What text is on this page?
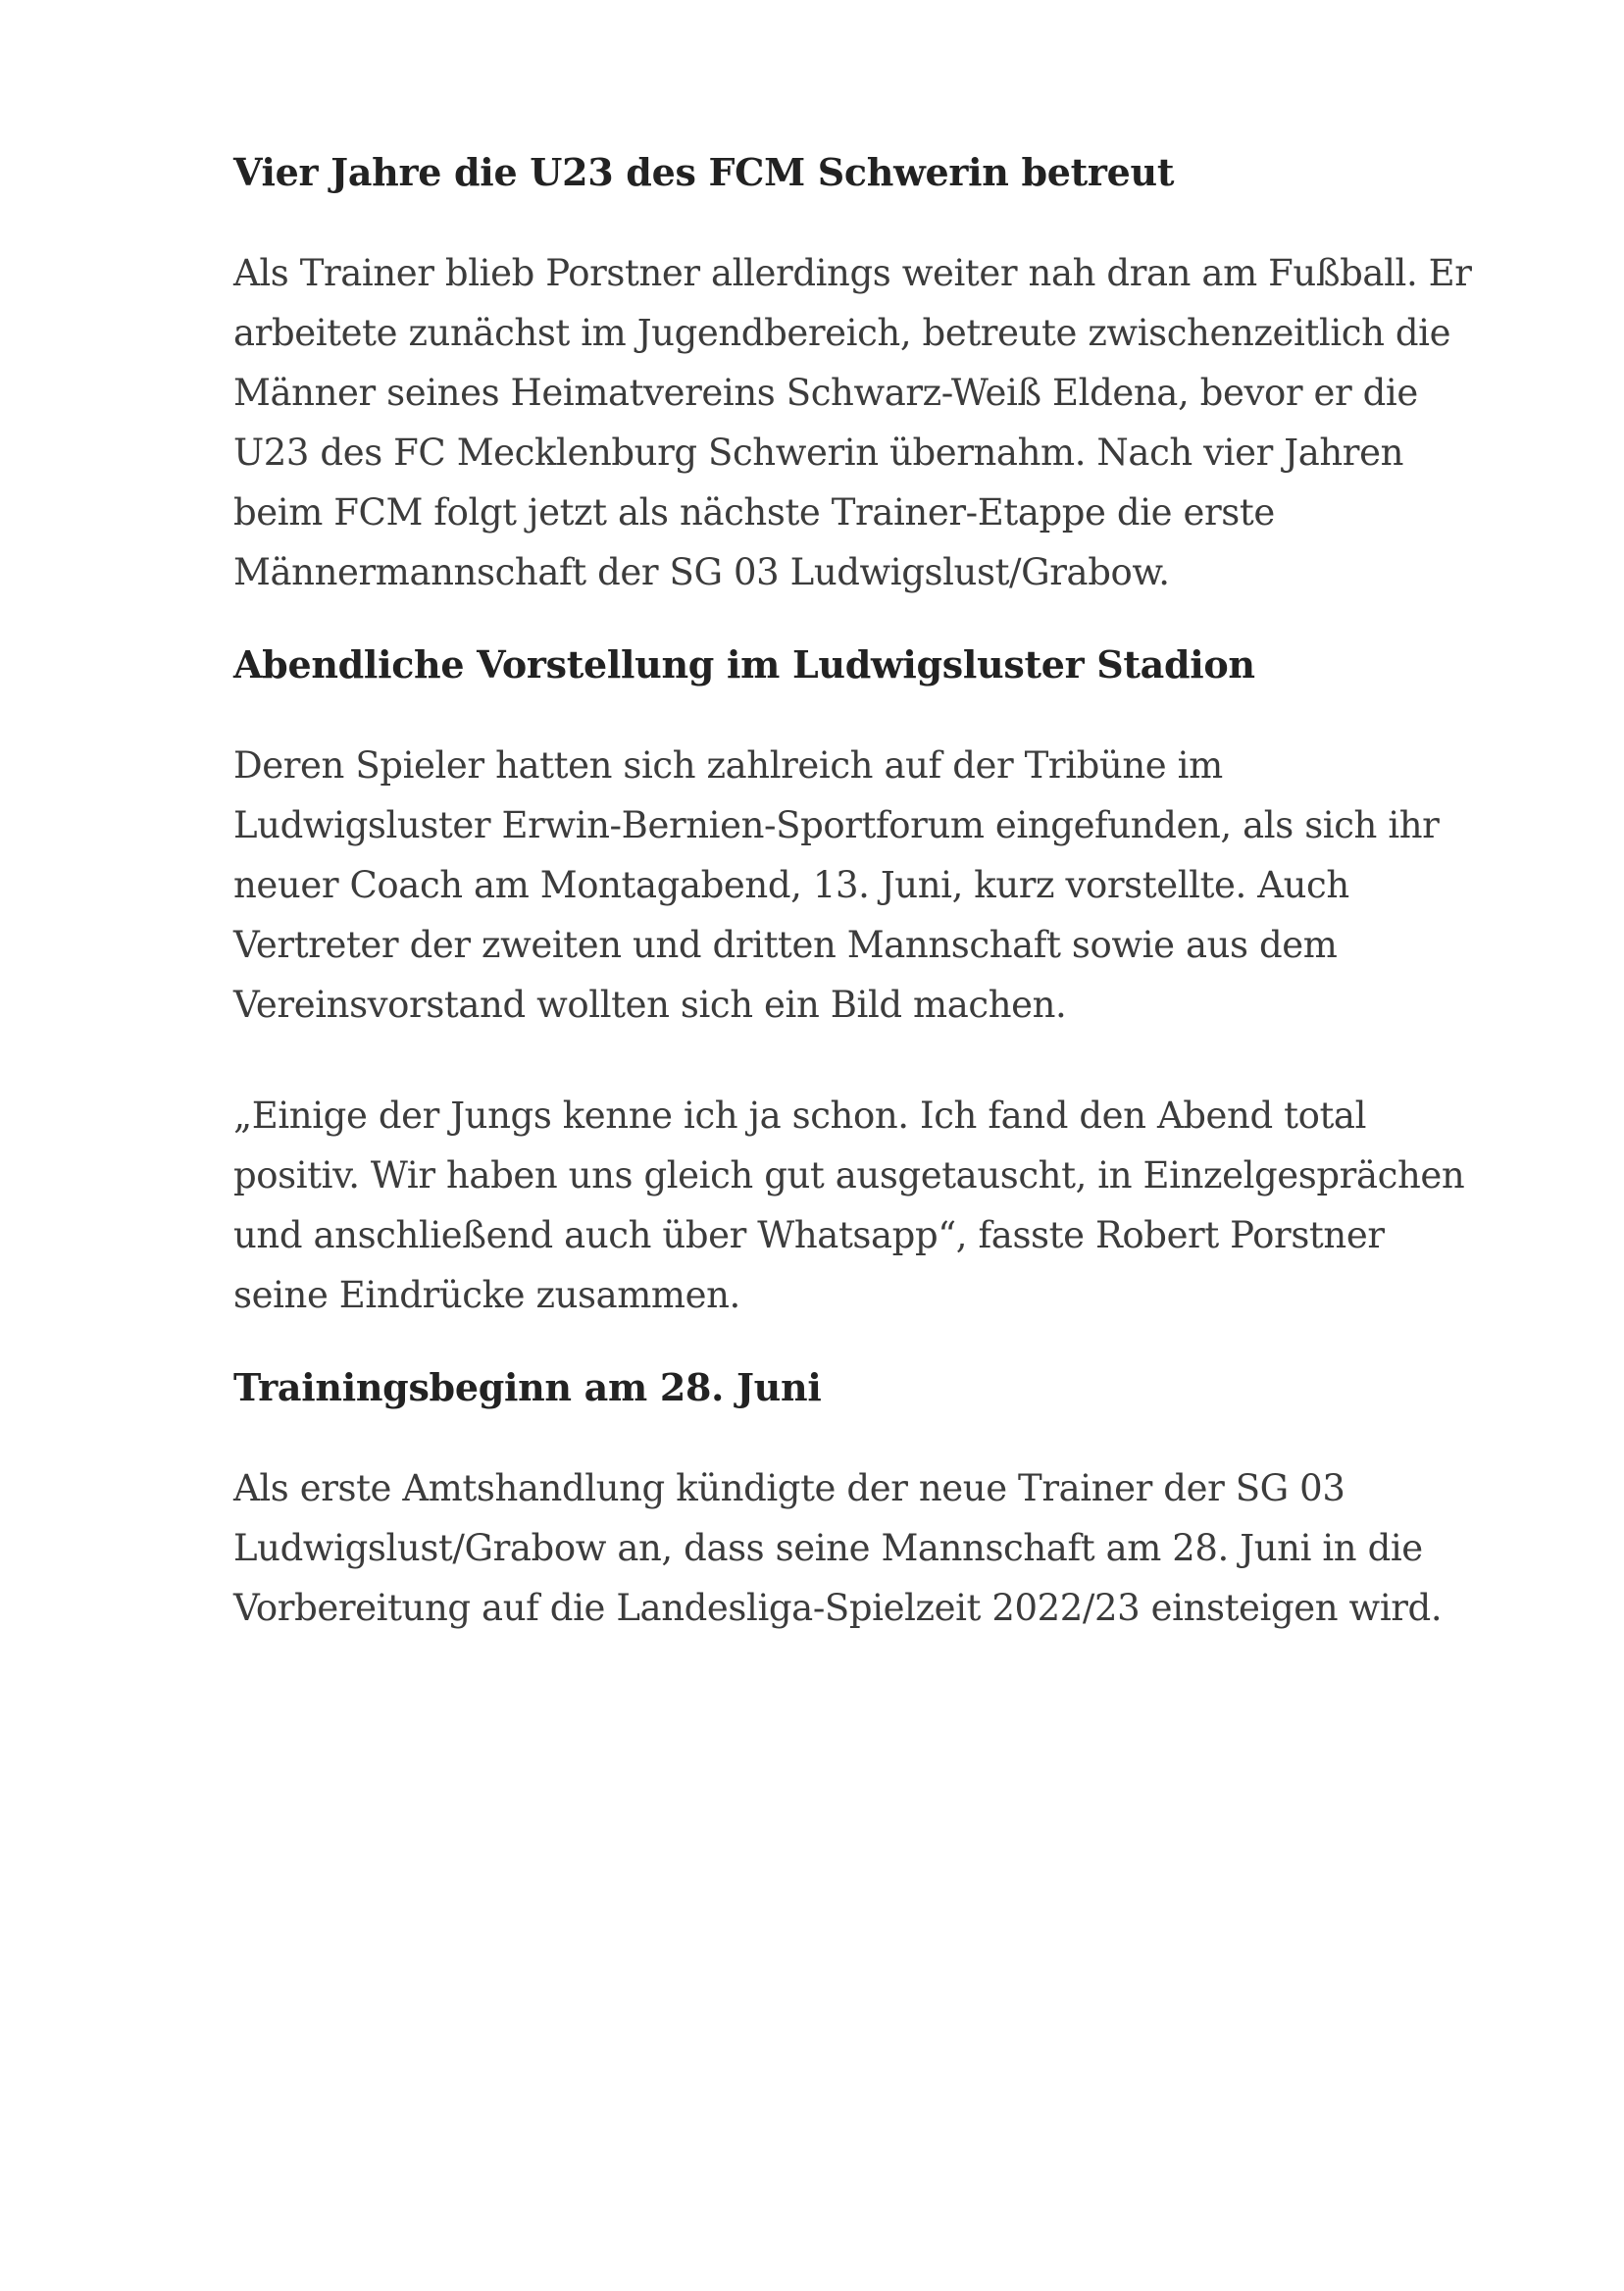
Vier Jahre die U23 des FCM Schwerin betreut

Als Trainer blieb Porstner allerdings weiter nah dran am Fußball. Er
arbeitete zunächst im Jugendbereich, betreute zwischenzeitlich die
Männer seines Heimatvereins Schwarz-Weiß Eldena, bevor er die
U23 des FC Mecklenburg Schwerin übernahm. Nach vier Jahren
beim FCM folgt jetzt als nächste Trainer-Etappe die erste
Männermannschaft der SG 03 Ludwigslust/Grabow.

Abendliche Vorstellung im Ludwigsluster Stadion

Deren Spieler hatten sich zahlreich auf der Tribüne im
Ludwigsluster Erwin-Bernien-Sportforum eingefunden, als sich ihr
neuer Coach am Montagabend, 13. Juni, kurz vorstellte. Auch
Vertreter der zweiten und dritten Mannschaft sowie aus dem
Vereinsvorstand wollten sich ein Bild machen.

„Einige der Jungs kenne ich ja schon. Ich fand den Abend total
positiv. Wir haben uns gleich gut ausgetauscht, in Einzelgesprächen
und anschließend auch über Whatsapp“, fasste Robert Porstner
seine Eindrücke zusammen.

Trainingsbeginn am 28. Juni

Als erste Amtshandlung kündigte der neue Trainer der SG 03
Ludwigslust/Grabow an, dass seine Mannschaft am 28. Juni in die
Vorbereitung auf die Landesliga-Spielzeit 2022/23 einsteigen wird.
